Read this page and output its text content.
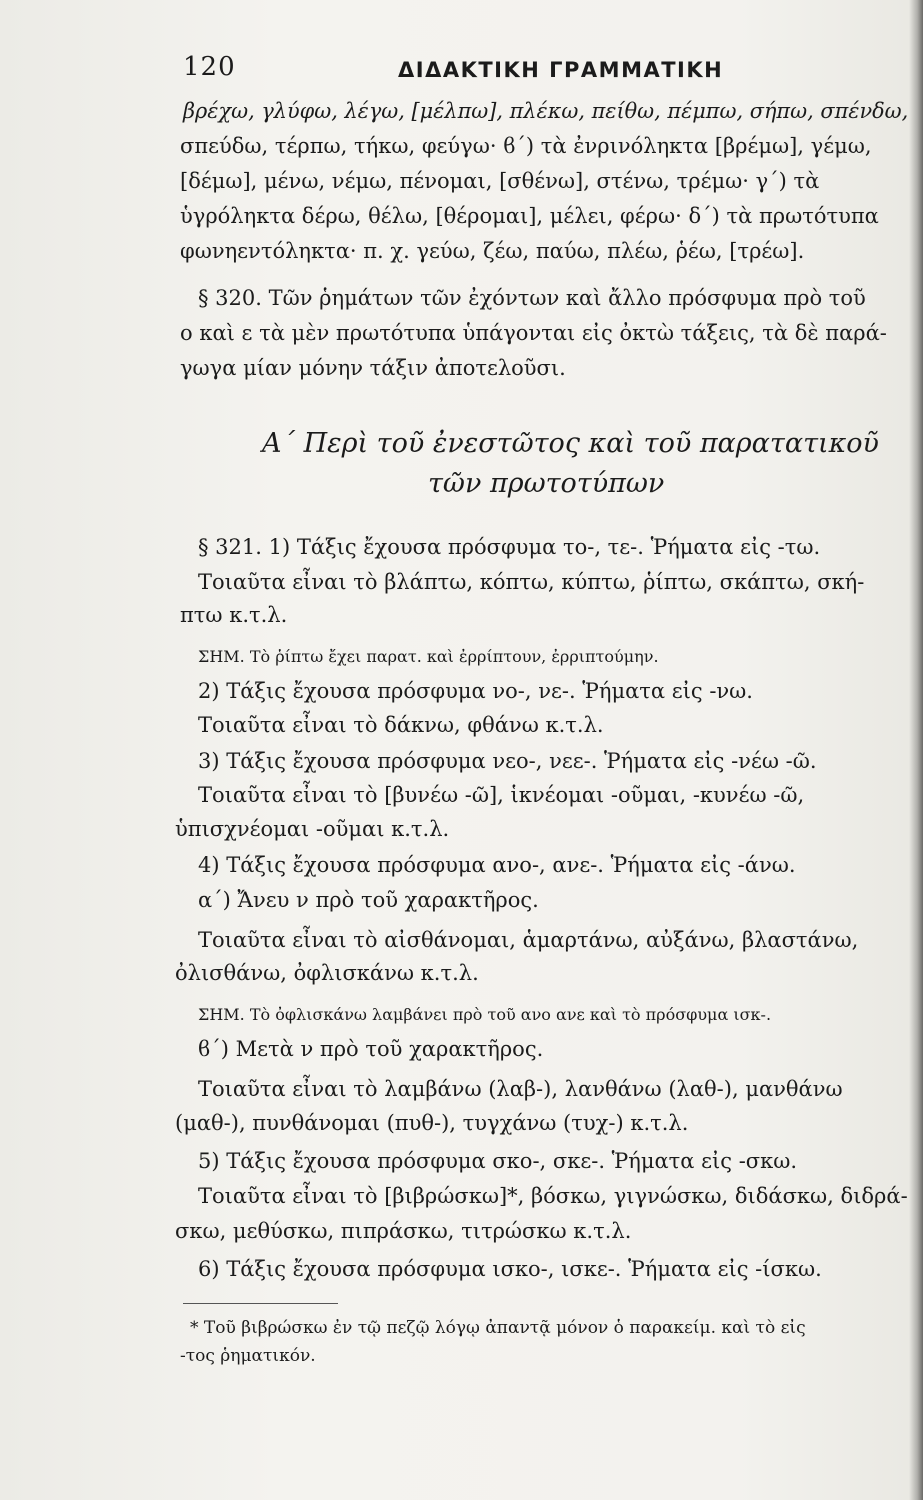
120	ΔΙΔΑΚΤΙΚΗ ΓΡΑΜΜΑΤΙΚΗ
βρέχω, γλύφω, λέγω, [μέλπω], πλέκω, πείθω, πέμπω, σήπω, σπένδω,
σπεύδω, τέρπω, τήκω, φεύγω· ϐ΄) τὰ ἐνρινόληκτα [βρέμω], γέμω,
[δέμω], μένω, νέμω, πένομαι, [σθένω], στένω, τρέμω· γ΄) τὰ
ὑγρόληκτα δέρω, θέλω, [θέρομαι], μέλει, φέρω· δ΄) τὰ πρωτότυπα
φωνηεντόληκτα· π. χ. γεύω, ζέω, παύω, πλέω, ῥέω, [τρέω].
§ 320. Τῶν ῥημάτων τῶν ἐχόντων καὶ ἄλλο πρόσφυμα πρὸ τοῦ
ο καὶ ε τὰ μὲν πρωτότυπα ὑπάγονται εἰς ὀκτὼ τάξεις, τὰ δὲ παρά-
γωγα μίαν μόνην τάξιν ἀποτελοῦσι.
Α΄ Περὶ τοῦ ἐνεστῶτος καὶ τοῦ παρατατικοῦ
τῶν πρωτοτύπων
§ 321. 1) Τάξις ἔχουσα πρόσφυμα το-, τε-. Ῥήματα εἰς -τω.
Τοιαῦτα εἶναι τὸ βλάπτω, κόπτω, κύπτω, ῥίπτω, σκάπτω, σκή-
πτω κ.τ.λ.
ΣΗΜ. Τὸ ῥίπτω ἔχει παρατ. καὶ ἐρρίπτουν, ἐρριπτούμην.
2) Τάξις ἔχουσα πρόσφυμα νο-, νε-. Ῥήματα εἰς -νω.
Τοιαῦτα εἶναι τὸ δάκνω, φθάνω κ.τ.λ.
3) Τάξις ἔχουσα πρόσφυμα νεο-, νεε-. Ῥήματα εἰς -νέω -ῶ.
Τοιαῦτα εἶναι τὸ [βυνέω -ῶ], ἱκνέομαι -οῦμαι, -κυνέω -ῶ,
ὑπισχνέομαι -οῦμαι κ.τ.λ.
4) Τάξις ἔχουσα πρόσφυμα ανο-, ανε-. Ῥήματα εἰς -άνω.
α΄) Ἄνευ ν πρὸ τοῦ χαρακτῆρος.
Τοιαῦτα εἶναι τὸ αἰσθάνομαι, ἁμαρτάνω, αὐξάνω, βλαστάνω,
ὀλισθάνω, ὀφλισκάνω κ.τ.λ.
ΣΗΜ. Τὸ ὀφλισκάνω λαμβάνει πρὸ τοῦ ανο ανε καὶ τὸ πρόσφυμα ισκ-.
ϐ΄) Μετὰ ν πρὸ τοῦ χαρακτῆρος.
Τοιαῦτα εἶναι τὸ λαμβάνω (λαβ-), λανθάνω (λαθ-), μανθάνω
(μαθ-), πυνθάνομαι (πυθ-), τυγχάνω (τυχ-) κ.τ.λ.
5) Τάξις ἔχουσα πρόσφυμα σκο-, σκε-. Ῥήματα εἰς -σκω.
Τοιαῦτα εἶναι τὸ [βιβρώσκω]*, βόσκω, γιγνώσκω, διδάσκω, διδρά-
σκω, μεθύσκω, πιπράσκω, τιτρώσκω κ.τ.λ.
6) Τάξις ἔχουσα πρόσφυμα ισκο-, ισκε-. Ῥήματα εἰς -ίσκω.
* Τοῦ βιβρώσκω ἐν τῷ πεζῷ λόγῳ ἀπαντᾷ μόνον ὁ παρακείμ. καὶ τὸ εἰς
-τος ῥηματικόν.
